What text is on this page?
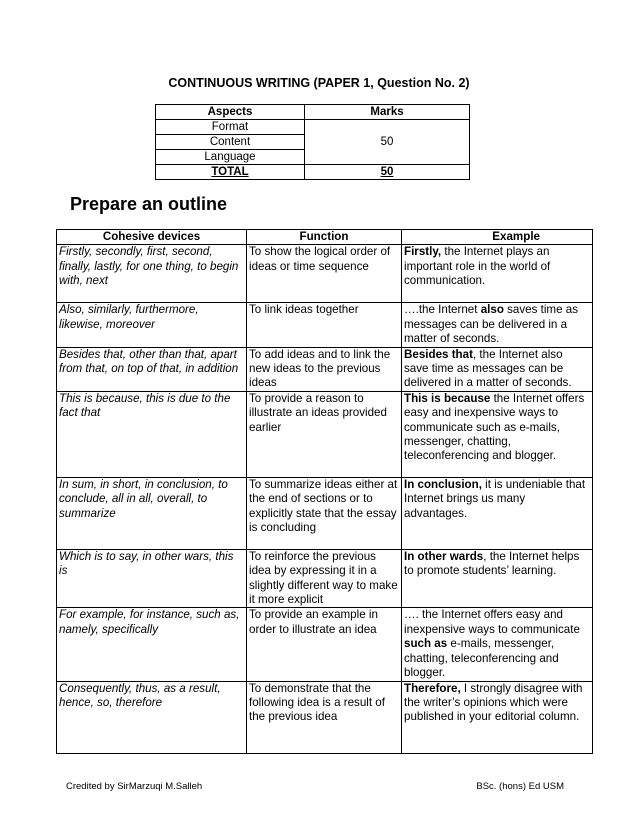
CONTINUOUS WRITING (PAPER 1, Question No. 2)
Aspects	Marks
Format	50
Content	
Language	
TOTAL	50
Prepare an outline
Cohesive devices	Function	Example
Firstly, secondly, first, second, finally, lastly, for one thing, to begin with, next	To show the logical order of ideas or time sequence	Firstly, the Internet plays an important role in the world of communication.
Also, similarly, furthermore, likewise, moreover	To link ideas together	….the Internet also saves time as messages can be delivered in a matter of seconds.
Besides that, other than that, apart from that, on top of that, in addition	To add ideas and to link the new ideas to the previous ideas	Besides that, the Internet also save time as messages can be delivered in a matter of seconds.
This is because, this is due to the fact that	To provide a reason to illustrate an ideas provided earlier	This is because the Internet offers easy and inexpensive ways to communicate such as e-mails, messenger, chatting, teleconferencing and blogger.
In sum, in short, in conclusion, to conclude, all in all, overall, to summarize	To summarize ideas either at the end of sections or to explicitly state that the essay is concluding	In conclusion, it is undeniable that Internet brings us many advantages.
Which is to say, in other wars, this is	To reinforce the previous idea by expressing it in a slightly different way to make it more explicit	In other wards, the Internet helps to promote students’ learning.
For example, for instance, such as, namely, specifically	To provide an example in order to illustrate an idea	…. the Internet offers easy and inexpensive ways to communicate such as e-mails, messenger, chatting, teleconferencing and blogger.
Consequently, thus, as a result, hence, so, therefore	To demonstrate that the following idea is a result of the previous idea	Therefore, I strongly disagree with the writer’s opinions which were published in your editorial column.
Credited by SirMarzuqi M.Salleh	BSc. (hons) Ed USM
